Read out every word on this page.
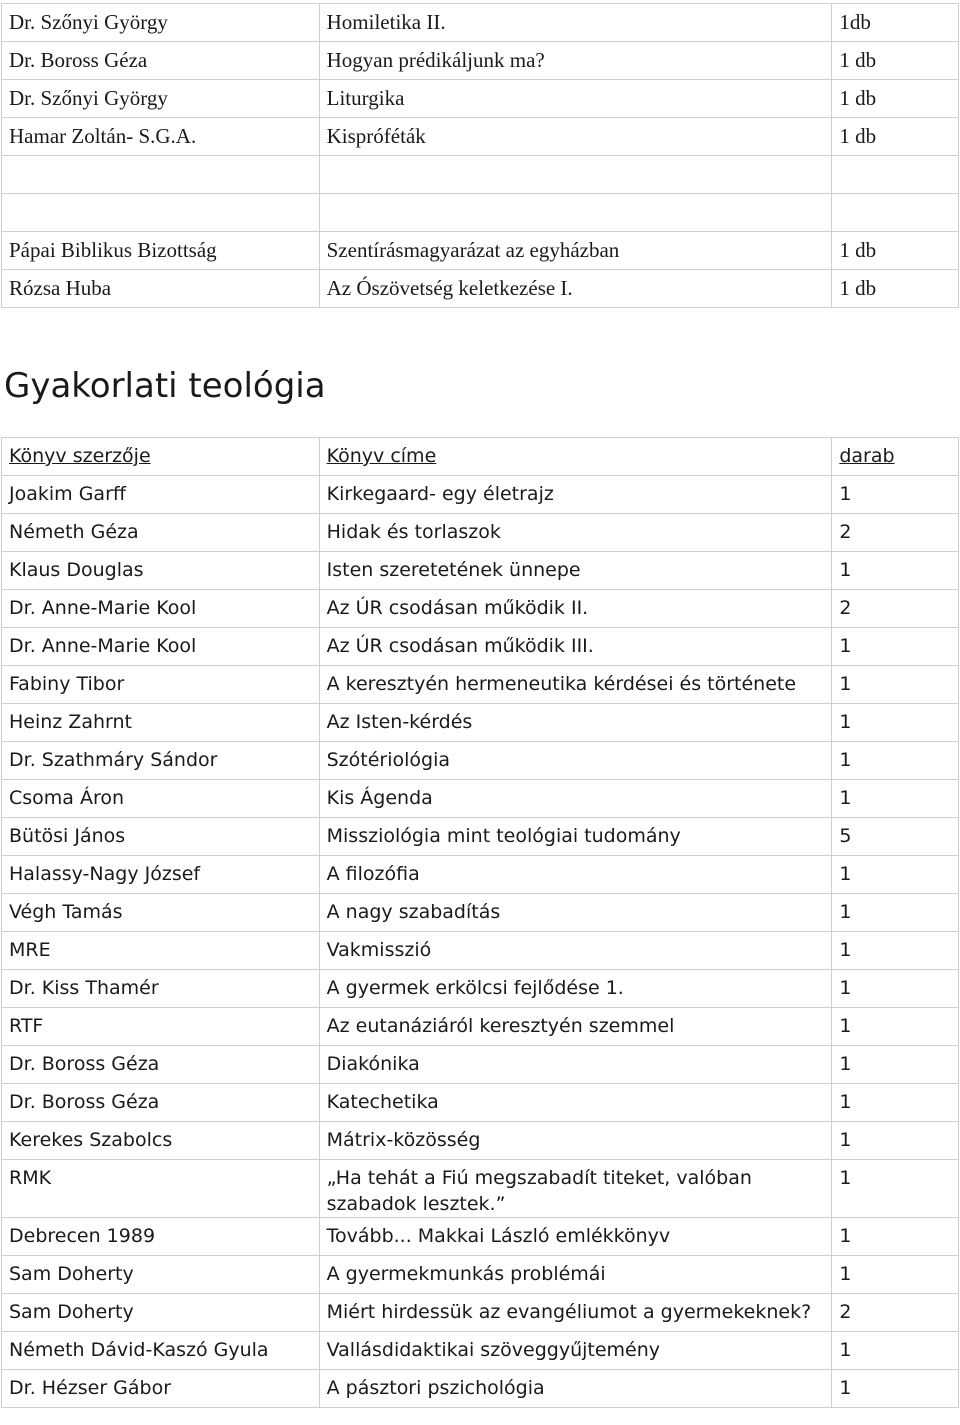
Dr. Szőnyi György	Homiletika II.	1db
Dr. Boross Géza	Hogyan prédikáljunk ma?	1 db
Dr. Szőnyi György	Liturgika	1 db
Hamar Zoltán- S.G.A.	Kispróféták	1 db

Pápai Biblikus Bizottság	Szentírásmagyarázat az egyházban	1 db
Rózsa Huba	Az Ószövetség keletkezése I.	1 db
Gyakorlati teológia
Könyv szerzője	Könyv címe	darab
Joakim Garff	Kirkegaard- egy életrajz	1
Németh Géza	Hidak és torlaszok	2
Klaus Douglas	Isten szeretetének ünnepe	1
Dr. Anne-Marie Kool	Az ÚR csodásan működik II.	2
Dr. Anne-Marie Kool	Az ÚR csodásan működik III.	1
Fabiny Tibor	A keresztyén hermeneutika kérdései és története	1
Heinz Zahrnt	Az Isten-kérdés	1
Dr. Szathmáry Sándor	Szótériológia	1
Csoma Áron	Kis Ágenda	1
Bütösi János	Missziológia mint teológiai tudomány	5
Halassy-Nagy József	A filozófia	1
Végh Tamás	A nagy szabadítás	1
MRE	Vakmisszió	1
Dr. Kiss Thamér	A gyermek erkölcsi fejlődése 1.	1
RTF	Az eutanáziáról keresztyén szemmel	1
Dr. Boross Géza	Diakónika	1
Dr. Boross Géza	Katechetika	1
Kerekes Szabolcs	Mátrix-közösség	1
RMK	„Ha tehát a Fiú megszabadít titeket, valóban szabadok lesztek.”	1
Debrecen 1989	Tovább... Makkai László emlékkönyv	1
Sam Doherty	A gyermekmunkás problémái	1
Sam Doherty	Miért hirdessük az evangéliumot a gyermekeknek?	2
Németh Dávid-Kaszó Gyula	Vallásdidaktikai szöveggyűjtemény	1
Dr. Hézser Gábor	A pásztori pszichológia	1
